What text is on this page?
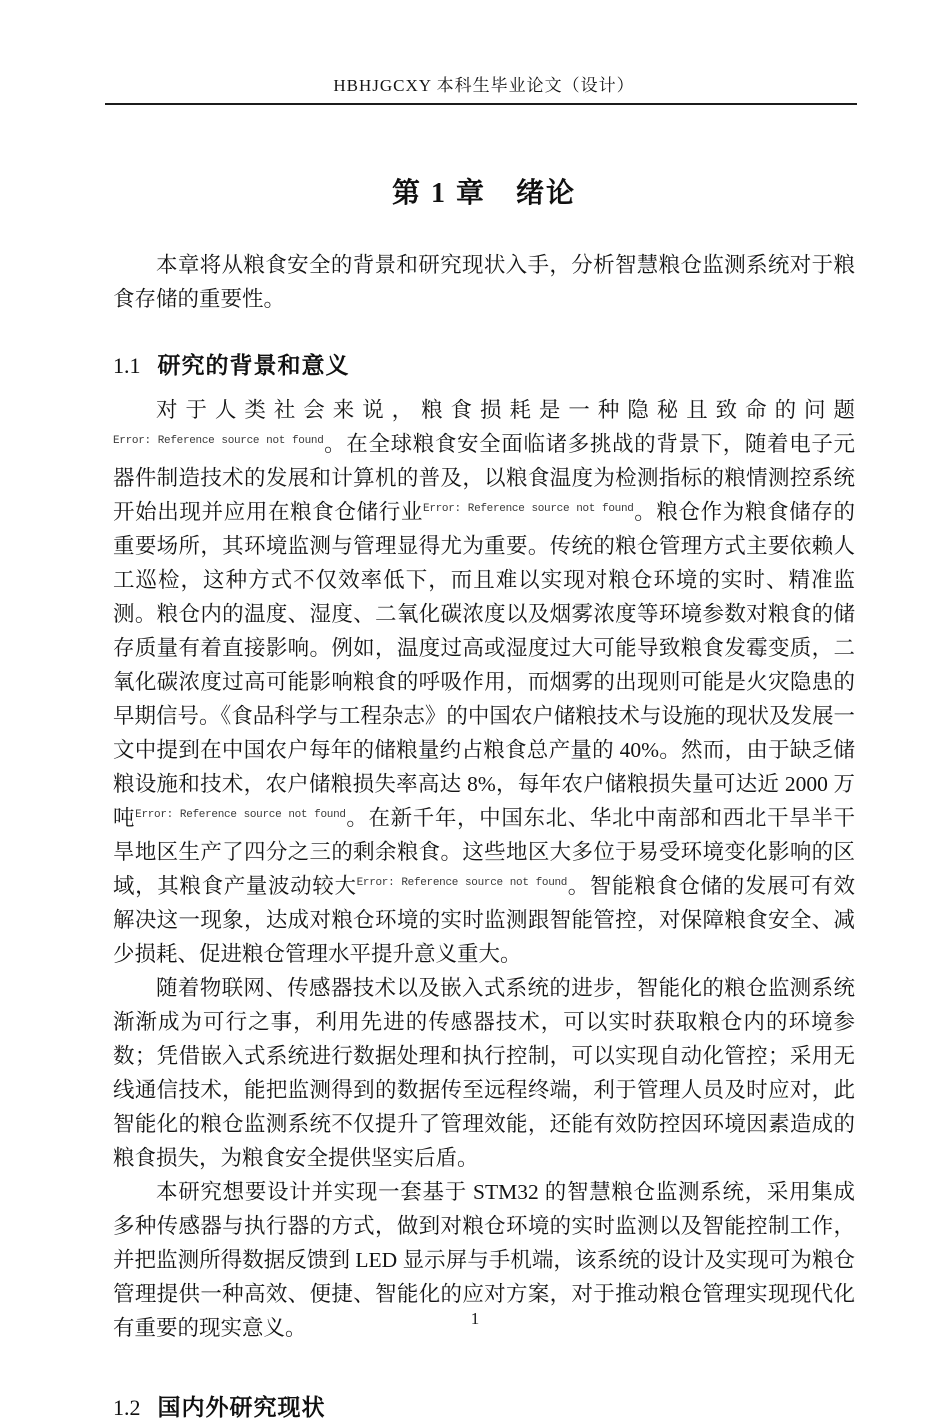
HBHJGCXY 本科生毕业论文（设计）
第 1 章　绪论

本章将从粮食安全的背景和研究现状入手，分析智慧粮仓监测系统对于粮食存储的重要性。

1.1 研究的背景和意义

对于人类社会来说，粮食损耗是一种隐秘且致命的问题$^{Error: Reference source not found}$。在全球粮食安全面临诸多挑战的背景下，随着电子元器件制造技术的发展和计算机的普及，以粮食温度为检测指标的粮情测控系统开始出现并应用在粮食仓储行业$^{Error: Reference source not found}$。粮仓作为粮食储存的重要场所，其环境监测与管理显得尤为重要。传统的粮仓管理方式主要依赖人工巡检，这种方式不仅效率低下，而且难以实现对粮仓环境的实时、精准监测。粮仓内的温度、湿度、二氧化碳浓度以及烟雾浓度等环境参数对粮食的储存质量有着直接影响。例如，温度过高或湿度过大可能导致粮食发霉变质，二氧化碳浓度过高可能影响粮食的呼吸作用，而烟雾的出现则可能是火灾隐患的早期信号。《食品科学与工程杂志》的中国农户储粮技术与设施的现状及发展一文中提到在中国农户每年的储粮量约占粮食总产量的 40%。然而，由于缺乏储粮设施和技术，农户储粮损失率高达 8%，每年农户储粮损失量可达近 2000 万吨$^{Error: Reference source not found}$。在新千年，中国东北、华北中南部和西北干旱半干旱地区生产了四分之三的剩余粮食。这些地区大多位于易受环境变化影响的区域，其粮食产量波动较大$^{Error: Reference source not found}$。智能粮食仓储的发展可有效解决这一现象，达成对粮仓环境的实时监测跟智能管控，对保障粮食安全、减少损耗、促进粮仓管理水平提升意义重大。

随着物联网、传感器技术以及嵌入式系统的进步，智能化的粮仓监测系统渐渐成为可行之事，利用先进的传感器技术，可以实时获取粮仓内的环境参数；凭借嵌入式系统进行数据处理和执行控制，可以实现自动化管控；采用无线通信技术，能把监测得到的数据传至远程终端，利于管理人员及时应对，此智能化的粮仓监测系统不仅提升了管理效能，还能有效防控因环境因素造成的粮食损失，为粮食安全提供坚实后盾。

本研究想要设计并实现一套基于 STM32 的智慧粮仓监测系统，采用集成多种传感器与执行器的方式，做到对粮仓环境的实时监测以及智能控制工作，并把监测所得数据反馈到 LED 显示屏与手机端，该系统的设计及实现可为粮仓管理提供一种高效、便捷、智能化的应对方案，对于推动粮仓管理实现现代化有重要的现实意义。

1.2 国内外研究现状
1
